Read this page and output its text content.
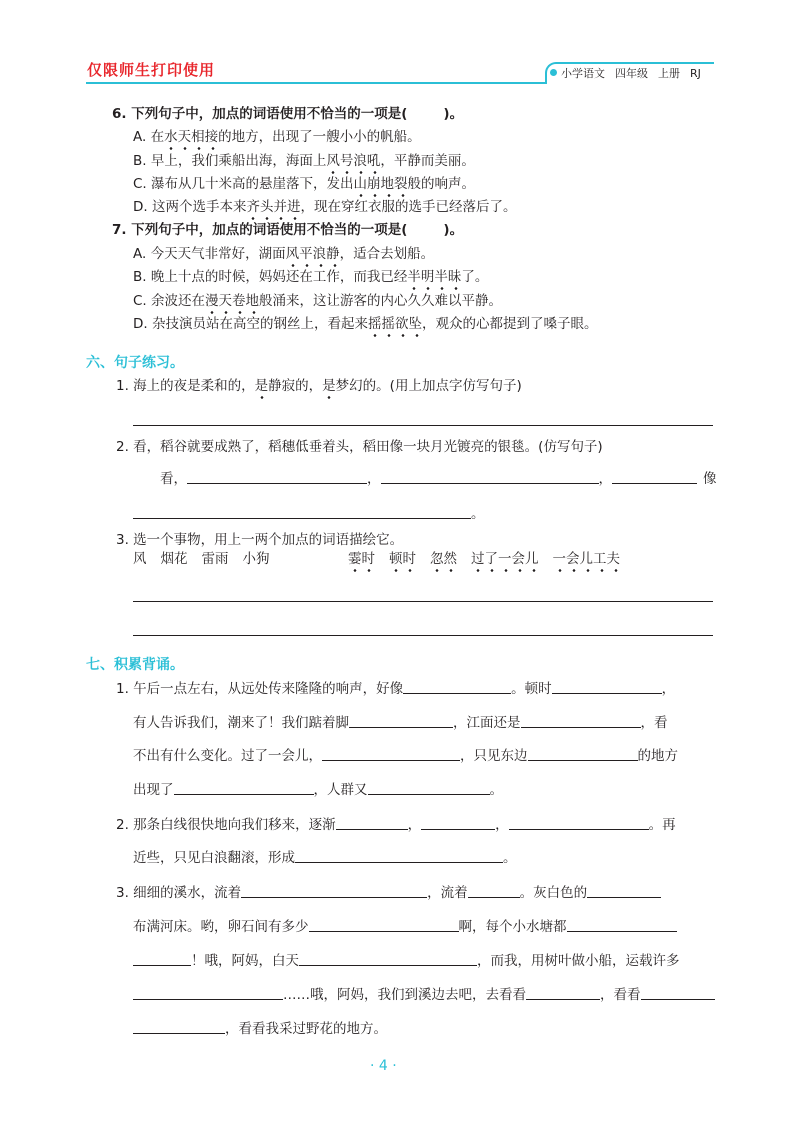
仅限师生打印使用	小学语文 四年级 上册 RJ
6. 下列句子中，加点的词语使用不恰当的一项是(	)。
A. 在水天相接的地方，出现了一艘小小的帆船。
B. 早上，我们乘船出海，海面上风号浪吼，平静而美丽。
C. 瀑布从几十米高的悬崖落下，发出山崩地裂般的响声。
D. 这两个选手本来齐头并进，现在穿红衣服的选手已经落后了。
7. 下列句子中，加点的词语使用不恰当的一项是(	)。
A. 今天天气非常好，湖面风平浪静，适合去划船。
B. 晚上十点的时候，妈妈还在工作，而我已经半明半昧了。
C. 余波还在漫天卷地般涌来，这让游客的内心久久难以平静。
D. 杂技演员站在高空的钢丝上，看起来摇摇欲坠，观众的心都提到了嗓子眼。
六、句子练习。
1. 海上的夜是柔和的，是静寂的，是梦幻的。(用上加点字仿写句子)
2. 看，稻谷就要成熟了，稻穗低垂着头，稻田像一块月光镀亮的银毯。(仿写句子)
看，	，	，	像
。
3. 选一个事物，用上一两个加点的词语描绘它。
风 烟花 雷雨 小狗	霎时 顿时 忽然 过了一会儿 一会儿工夫
七、积累背诵。
1. 午后一点左右，从远处传来隆隆的响声，好像	。顿时	，
有人告诉我们，潮来了！我们踮着脚	，江面还是	，看
不出有什么变化。过了一会儿，	，只见东边	的地方
出现了	，人群又	。
2. 那条白线很快地向我们移来，逐渐	，	，	。再
近些，只见白浪翻滚，形成	。
3. 细细的溪水，流着	，流着	。灰白色的
布满河床。哟，卵石间有多少	啊，每个小水塘都
！哦，阿妈，白天	，而我，用树叶做小船，运载许多
……哦，阿妈，我们到溪边去吧，去看看	，看看
，看看我采过野花的地方。
· 4 ·
